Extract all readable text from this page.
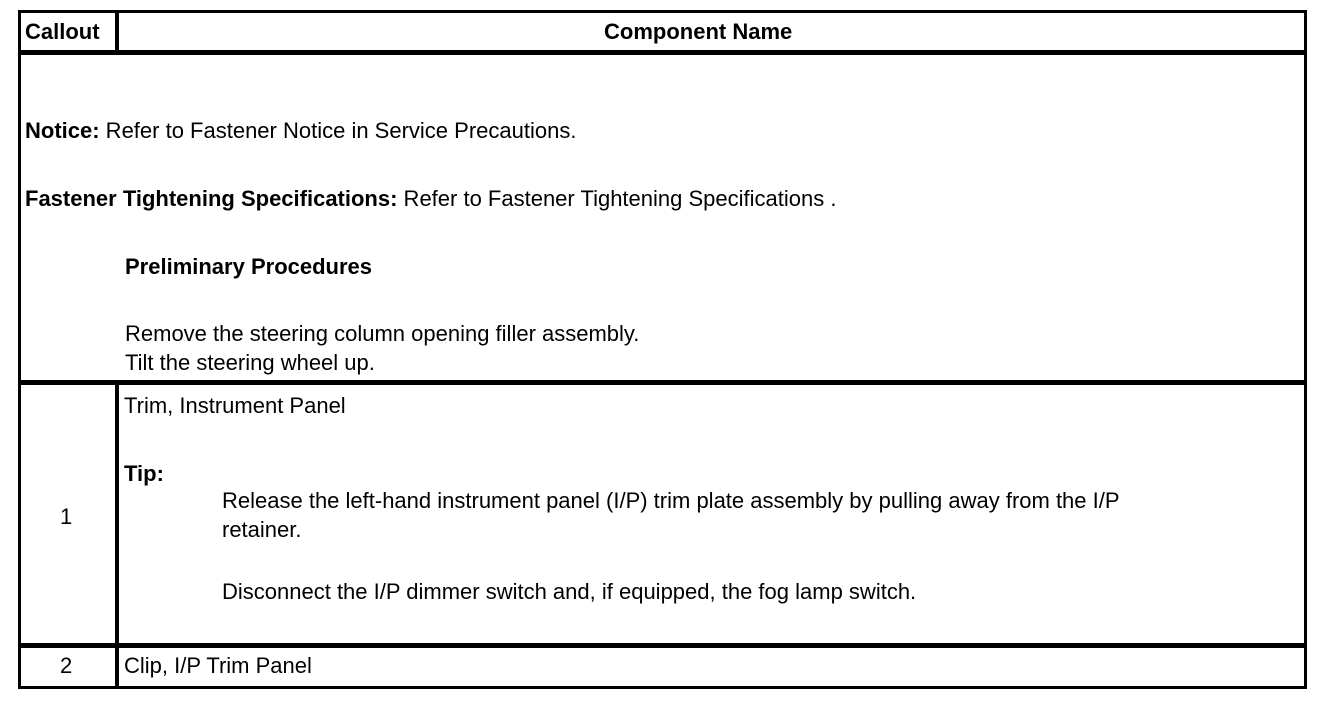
Callout	Component Name
Notice: Refer to Fastener Notice in Service Precautions.
Fastener Tightening Specifications: Refer to Fastener Tightening Specifications .
Preliminary Procedures
Remove the steering column opening filler assembly.
Tilt the steering wheel up.
1
Trim, Instrument Panel
Tip:
Release the left-hand instrument panel (I/P) trim plate assembly by pulling away from the I/P
retainer.
Disconnect the I/P dimmer switch and, if equipped, the fog lamp switch.
2 Clip, I/P Trim Panel
